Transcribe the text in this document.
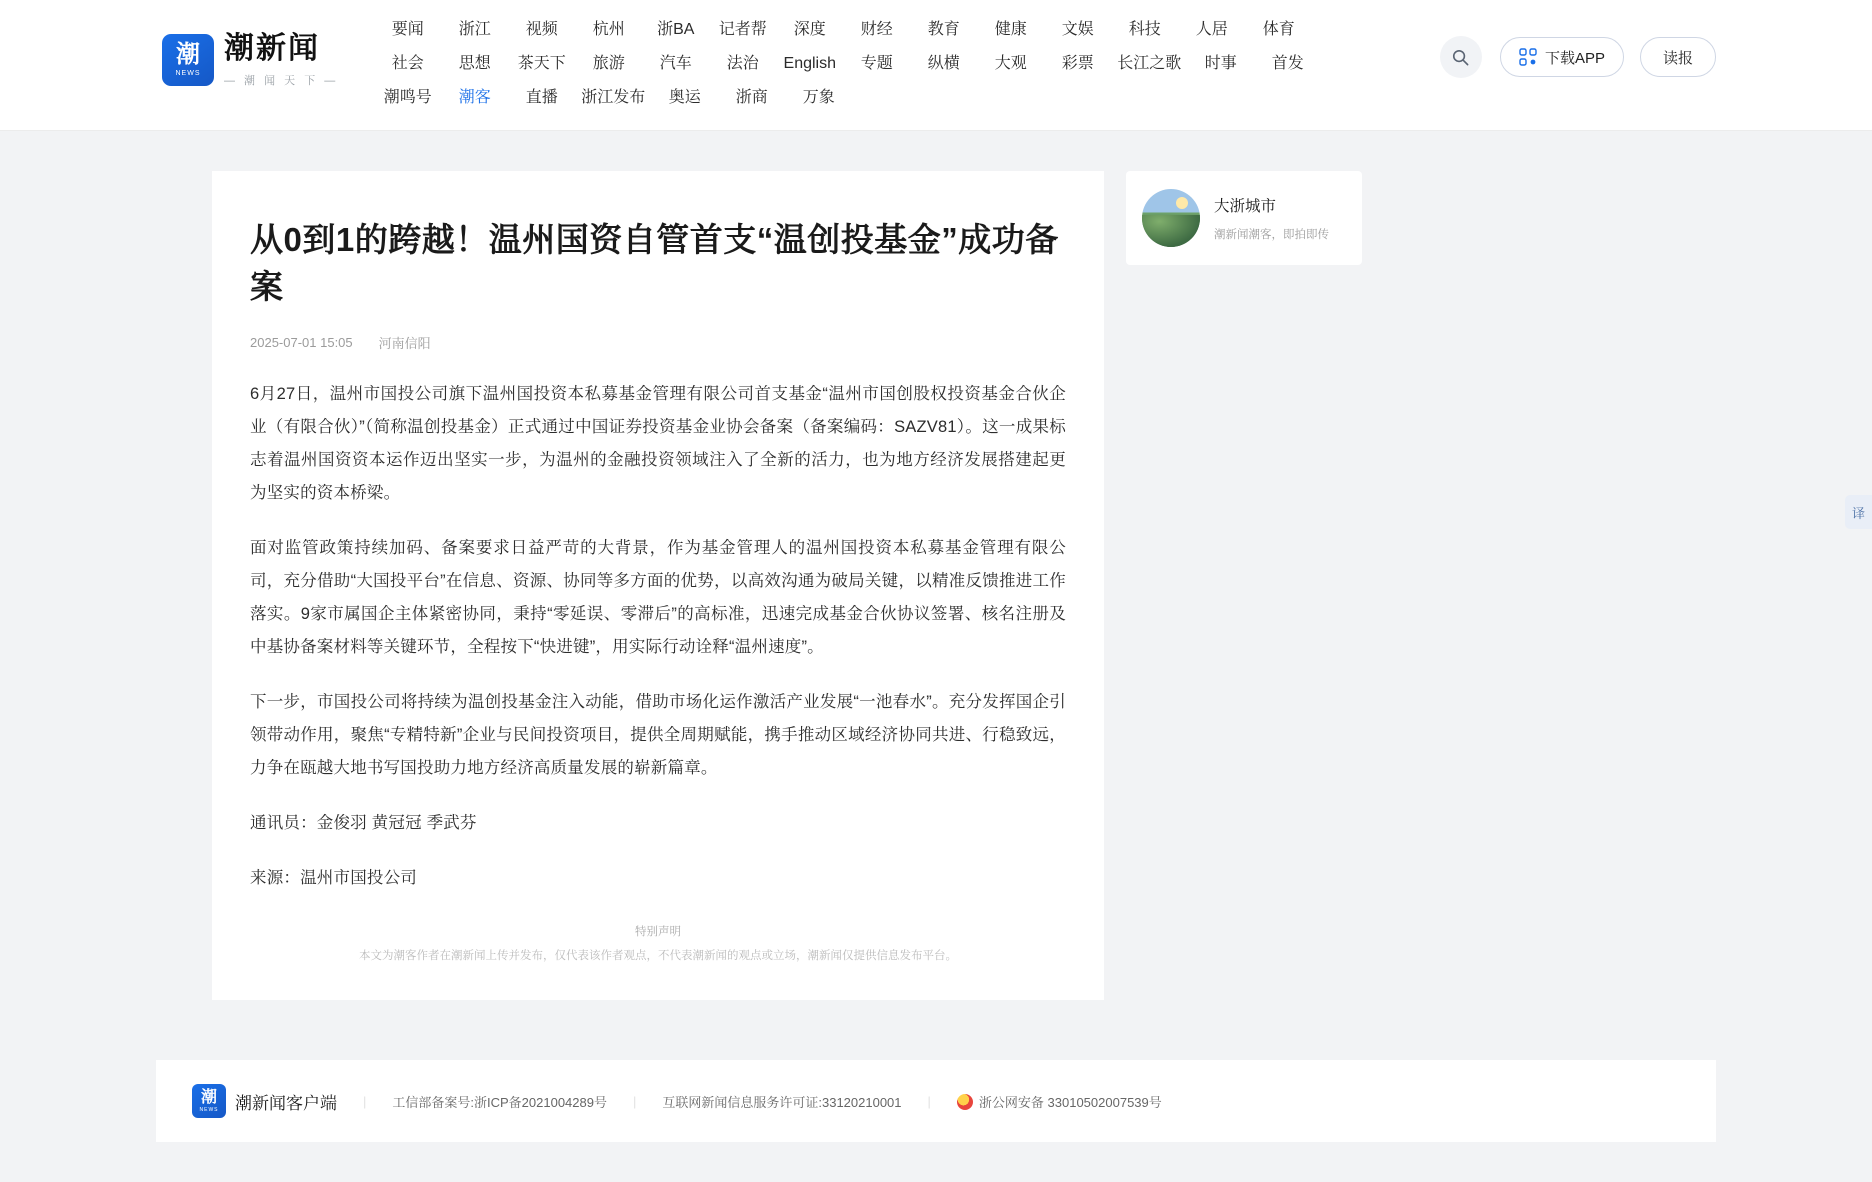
潮
NEWS
潮新闻
— 潮 闻 天 下 —
要闻	浙江	视频	杭州	浙BA	记者帮	深度	财经	教育	健康	文娱	科技	人居	体育
社会	思想	茶天下	旅游	汽车	法治	English	专题	纵横	大观	彩票	长江之歌	时事	首发
潮鸣号	潮客	直播	浙江发布	奥运	浙商	万象
下载APP	读报
从0到1的跨越！温州国资自管首支“温创投基金”成功备案
2025-07-01 15:05 河南信阳

6月27日，温州市国投公司旗下温州国投资本私募基金管理有限公司首支基金“温州市国创股权投资基金合伙企业（有限合伙）”（简称温创投基金）正式通过中国证券投资基金业协会备案（备案编码：SAZV81）。这一成果标志着温州国资资本运作迈出坚实一步，为温州的金融投资领域注入了全新的活力，也为地方经济发展搭建起更为坚实的资本桥梁。

面对监管政策持续加码、备案要求日益严苛的大背景，作为基金管理人的温州国投资本私募基金管理有限公司，充分借助“大国投平台”在信息、资源、协同等多方面的优势，以高效沟通为破局关键，以精准反馈推进工作落实。9家市属国企主体紧密协同，秉持“零延误、零滞后”的高标准，迅速完成基金合伙协议签署、核名注册及中基协备案材料等关键环节，全程按下“快进键”，用实际行动诠释“温州速度”。

下一步，市国投公司将持续为温创投基金注入动能，借助市场化运作激活产业发展“一池春水”。充分发挥国企引领带动作用，聚焦“专精特新”企业与民间投资项目，提供全周期赋能，携手推动区域经济协同共进、行稳致远，力争在瓯越大地书写国投助力地方经济高质量发展的崭新篇章。

通讯员：金俊羽 黄冠冠 季武芬

来源：温州市国投公司

特别声明
本文为潮客作者在潮新闻上传并发布，仅代表该作者观点，不代表潮新闻的观点或立场，潮新闻仅提供信息发布平台。
大浙城市
潮新闻潮客，即拍即传
潮
NEWS 潮新闻客户端 | 工信部备案号:浙ICP备2021004289号 | 互联网新闻信息服务许可证:33120210001 |	浙公网安备 33010502007539号
译
